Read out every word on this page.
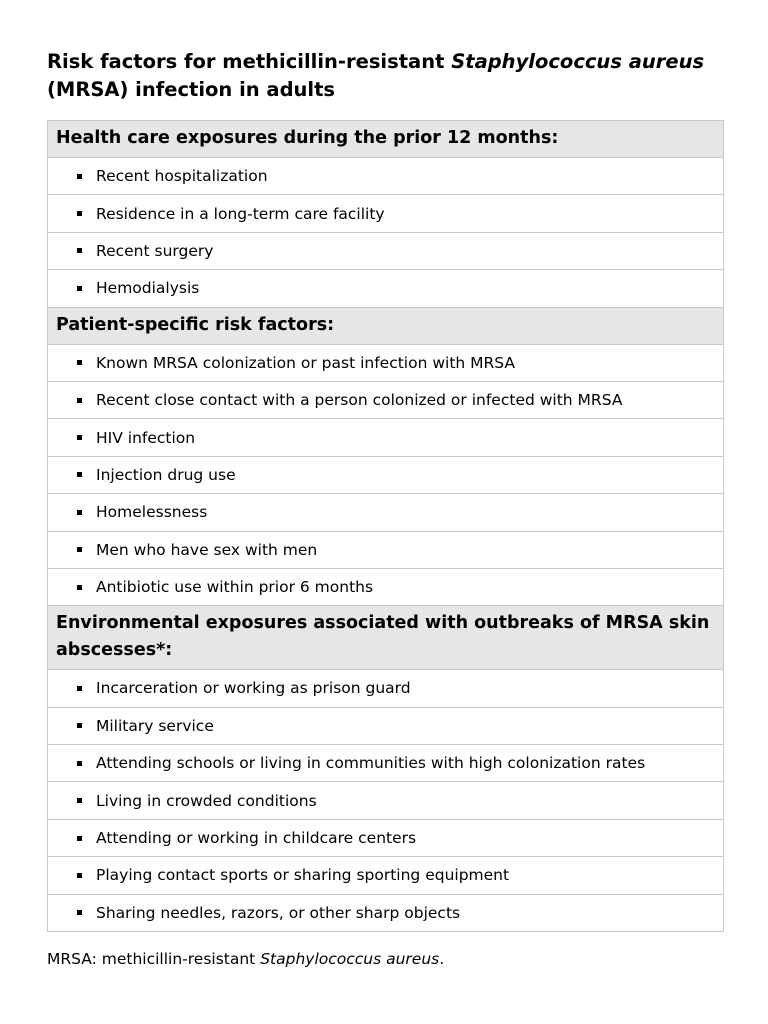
Risk factors for methicillin-resistant Staphylococcus aureus (MRSA) infection in adults
Health care exposures during the prior 12 months:

Recent hospitalization

Residence in a long-term care facility

Recent surgery

Hemodialysis
Patient-specific risk factors:

Known MRSA colonization or past infection with MRSA

Recent close contact with a person colonized or infected with MRSA

HIV infection

Injection drug use

Homelessness

Men who have sex with men

Antibiotic use within prior 6 months
Environmental exposures associated with outbreaks of MRSA skin abscesses*:

Incarceration or working as prison guard

Military service

Attending schools or living in communities with high colonization rates

Living in crowded conditions

Attending or working in childcare centers

Playing contact sports or sharing sporting equipment

Sharing needles, razors, or other sharp objects

MRSA: methicillin-resistant Staphylococcus aureus.
